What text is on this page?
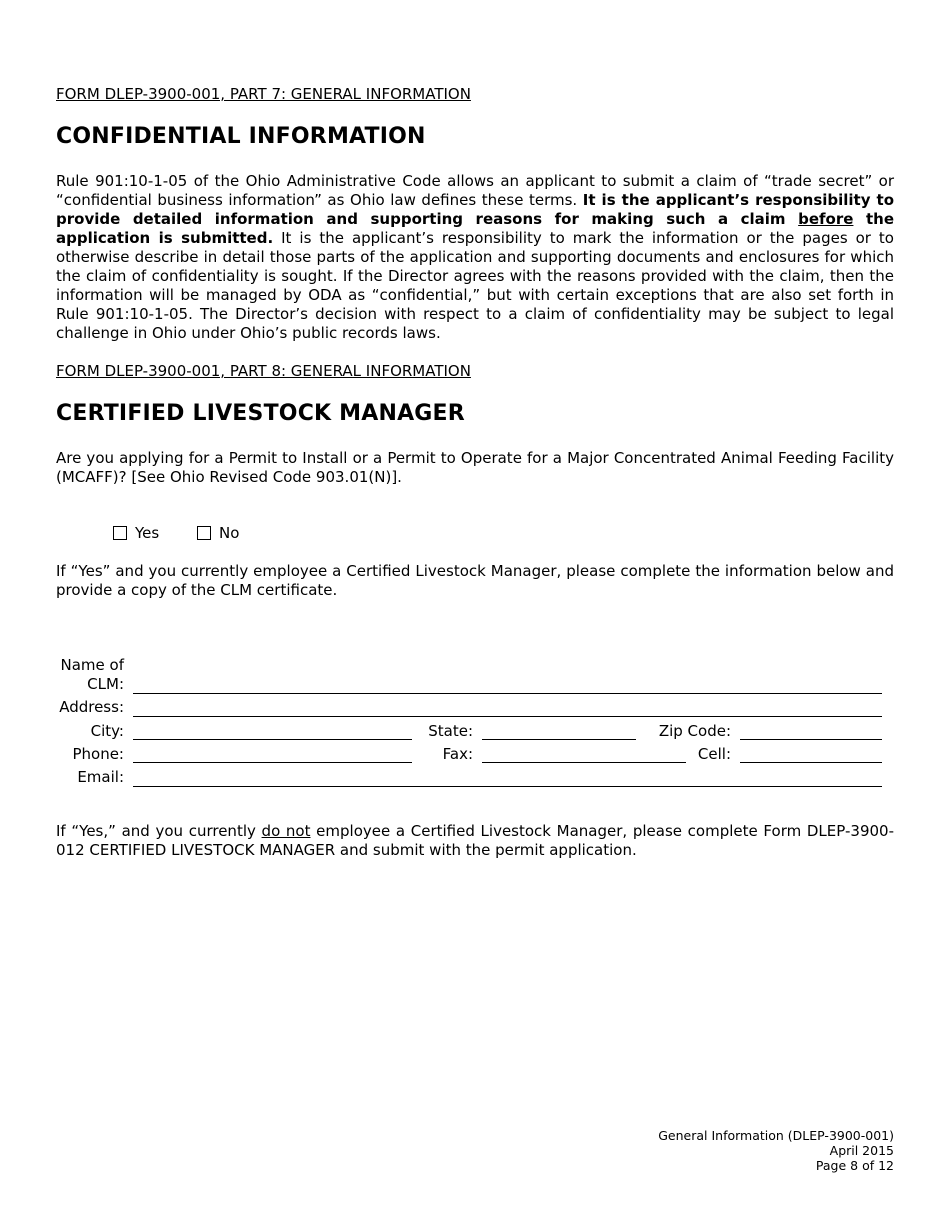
FORM DLEP-3900-001, PART 7: GENERAL INFORMATION
CONFIDENTIAL INFORMATION
Rule 901:10-1-05 of the Ohio Administrative Code allows an applicant to submit a claim of “trade secret” or “confidential business information” as Ohio law defines these terms. It is the applicant’s responsibility to provide detailed information and supporting reasons for making such a claim before the application is submitted. It is the applicant’s responsibility to mark the information or the pages or to otherwise describe in detail those parts of the application and supporting documents and enclosures for which the claim of confidentiality is sought. If the Director agrees with the reasons provided with the claim, then the information will be managed by ODA as “confidential,” but with certain exceptions that are also set forth in Rule 901:10-1-05. The Director’s decision with respect to a claim of confidentiality may be subject to legal challenge in Ohio under Ohio’s public records laws.
FORM DLEP-3900-001, PART 8: GENERAL INFORMATION
CERTIFIED LIVESTOCK MANAGER
Are you applying for a Permit to Install or a Permit to Operate for a Major Concentrated Animal Feeding Facility (MCAFF)? [See Ohio Revised Code 903.01(N)].
If “Yes” and you currently employee a Certified Livestock Manager, please complete the information below and provide a copy of the CLM certificate.
Name of
CLM:
Address:
City:	State:	Zip Code:
Phone:	Fax:	Cell:
Email:
If “Yes,” and you currently do not employee a Certified Livestock Manager, please complete Form DLEP-3900-012 CERTIFIED LIVESTOCK MANAGER and submit with the permit application.
Yes	No
General Information (DLEP-3900-001)
April 2015
Page 8 of 12
